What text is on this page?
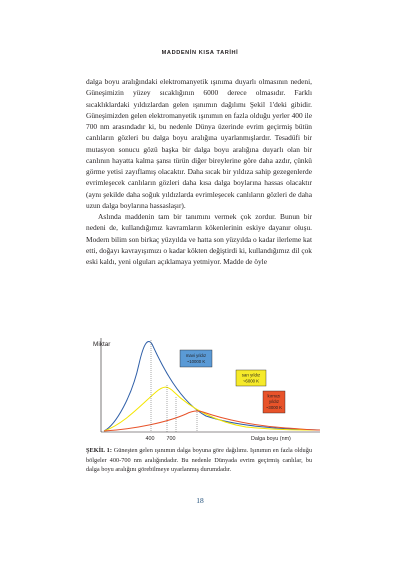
MADDENİN KISA TARİHİ

dalga boyu aralığındaki elektromanyetik ışınıma duyarlı olmasının nedeni, Güneşimizin yüzey sıcaklığının 6000 derece olmasıdır. Farklı sıcaklıklardaki yıldızlardan gelen ışınımın dağılımı Şekil 1'deki gibidir. Güneşimizden gelen elektromanyetik ışınımın en fazla olduğu yerler 400 ile 700 nm arasındadır ki, bu nedenle Dünya üzerinde evrim geçirmiş bütün canlıların gözleri bu dalga boyu aralığına uyarlanmışlardır. Tesadüfi bir mutasyon sonucu gözü başka bir dalga boyu aralığına duyarlı olan bir canlının hayatta kalma şansı türün diğer bireylerine göre daha azdır, çünkü görme yetisi zayıflamış olacaktır. Daha sıcak bir yıldıza sahip gezegenlerde evrimleşecek canlıların gözleri daha kısa dalga boylarına hassas olacaktır (aynı şekilde daha soğuk yıldızlarda evrimleşecek canlıların gözleri de daha uzun dalga boylarına hassaslaşır).

Aslında maddenin tam bir tanımını vermek çok zordur. Bunun bir nedeni de, kullandığımız kavramların kökenlerinin eskiye dayanır oluşu. Modern bilim son birkaç yüzyılda ve hatta son yüzyılda o kadar ilerleme kat etti, doğayı kavrayışımızı o kadar kökten değiştirdi ki, kullandığımız dil çok eski kaldı, yeni olguları açıklamaya yetmiyor. Madde de öyle

Miktar
400 700	Dalga boyu (nm)
mavi yıldız
~10000 K
sarı yıldız
~6000 K
kırmızı
yıldız
~3000 K
ŞEKİL 1: Güneşten gelen ışınımın dalga boyuna göre dağılımı. Işınımın en fazla olduğu bölgeler 400-700 nm aralığındadır. Bu nedenle Dünyada evrim geçirmiş canlılar, bu dalga boyu aralığını görebilmeye uyarlanmış durumdadır.
18
